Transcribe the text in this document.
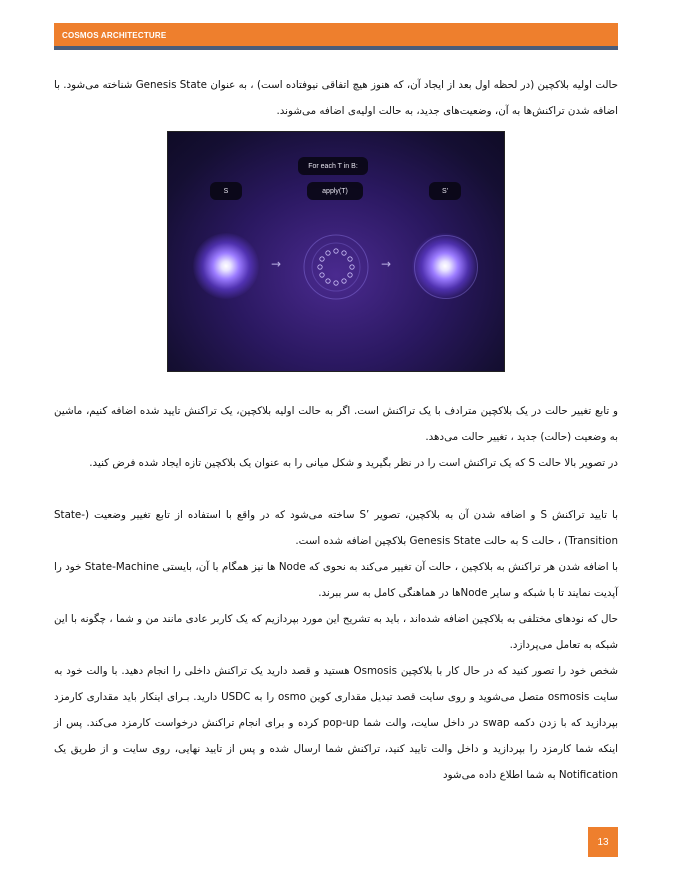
COSMOS ARCHITECTURE

حالت اولیه بلاکچین (در لحظه اول بعد از ایجاد آن، که هنوز هیچ اتفاقی نیوفتاده است) ، به عنوان Genesis State شناخته می‌شود. با اضافه شدن تراکنش‌ها به آن، وضعیت‌های جدید، به حالت اولیه‌ی اضافه می‌شوند.

For each T in B:
apply(T)
S	S'
→	→

و تابع تغییر حالت در یک بلاکچین مترادف با یک تراکنش است. اگر به حالت اولیه بلاکچین، یک تراکنش تایید شده اضافه کنیم، ماشین به وضعیت (حالت) جدید ، تغییر حالت می‌دهد.

در تصویر بالا حالت S که یک تراکنش است را در نظر بگیرید و شکل میانی را به عنوان یک بلاکچین تازه ایجاد شده فرض کنید.

با تایید تراکنش S و اضافه شدن آن به بلاکچین، تصویر ’S ساخته می‌شود که در واقع با استفاده از تابع تغییر وضعیت (State-Transition) ، حالت S به حالت Genesis State بلاکچین اضافه شده است.

با اضافه شدن هر تراکنش به بلاکچین ، حالت آن تغییر می‌کند به نحوی که Node ها نیز همگام با آن، بایستی State-Machine خود را آپدیت نمایند تا با شبکه و سایر Nodeها در هماهنگی کامل به سر ببرند.

حال که نودهای مختلفی به بلاکچین اضافه شده‌اند ، باید به تشریح این مورد بپردازیم که یک کاربر عادی مانند من و شما ، چگونه با این شبکه به تعامل می‌پردازد.

شخص خود را تصور کنید که در حال کار با بلاکچین Osmosis هستید و قصد دارید یک تراکنش داخلی را انجام دهید. با والت خود به سایت osmosis متصل می‌شوید و روی سایت قصد تبدیل مقداری کوین osmo را به USDC دارید. بـرای اینکار باید مقداری کارمزد بپردازید که با زدن دکمه swap در داخل سایت، والت شما pop-up کرده و برای انجام تراکنش درخواست کارمزد می‌کند. پس از اینکه شما کارمزد را بپردازید و داخل والت تایید کنید، تراکنش شما ارسال شده و پس از تایید نهایی، روی سایت و از طریق یک Notification به شما اطلاع داده می‌شود

13
